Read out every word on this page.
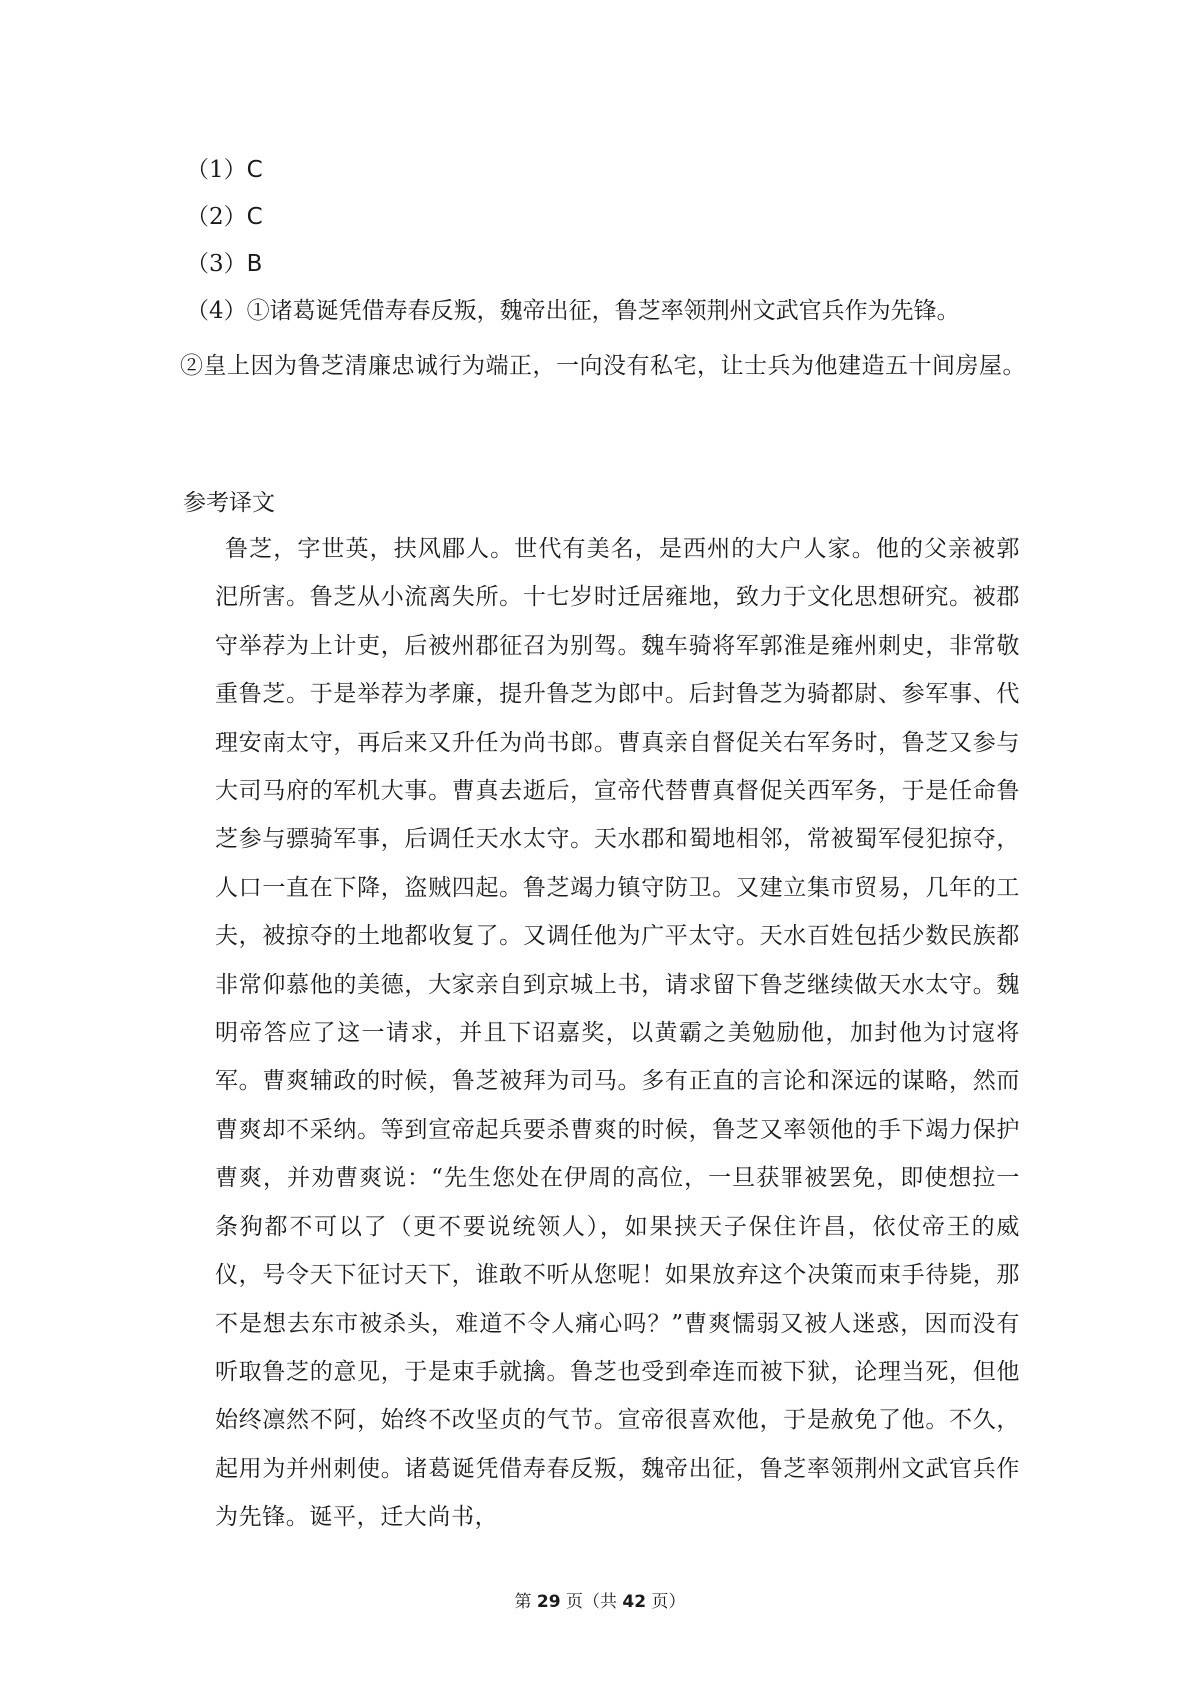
（1）C
（2）C
（3）B
（4）①诸葛诞凭借寿春反叛，魏帝出征，鲁芝率领荆州文武官兵作为先锋。
②皇上因为鲁芝清廉忠诚行为端正，一向没有私宅，让士兵为他建造五十间房屋。
参考译文
鲁芝，字世英，扶风郿人。世代有美名，是西州的大户人家。他的父亲被郭汜所害。鲁芝从小流离失所。十七岁时迁居雍地，致力于文化思想研究。被郡守举荐为上计吏，后被州郡征召为别驾。魏车骑将军郭淮是雍州刺史，非常敬重鲁芝。于是举荐为孝廉，提升鲁芝为郎中。后封鲁芝为骑都尉、参军事、代理安南太守，再后来又升任为尚书郎。曹真亲自督促关右军务时，鲁芝又参与大司马府的军机大事。曹真去逝后，宣帝代替曹真督促关西军务，于是任命鲁芝参与骠骑军事，后调任天水太守。天水郡和蜀地相邻，常被蜀军侵犯掠夺，人口一直在下降，盗贼四起。鲁芝竭力镇守防卫。又建立集市贸易，几年的工夫，被掠夺的土地都收复了。又调任他为广平太守。天水百姓包括少数民族都非常仰慕他的美德，大家亲自到京城上书，请求留下鲁芝继续做天水太守。魏明帝答应了这一请求，并且下诏嘉奖，以黄霸之美勉励他，加封他为讨寇将军。曹爽辅政的时候，鲁芝被拜为司马。多有正直的言论和深远的谋略，然而曹爽却不采纳。等到宣帝起兵要杀曹爽的时候，鲁芝又率领他的手下竭力保护曹爽，并劝曹爽说：“先生您处在伊周的高位，一旦获罪被罢免，即使想拉一条狗都不可以了（更不要说统领人），如果挟天子保住许昌，依仗帝王的威仪，号令天下征讨天下，谁敢不听从您呢！如果放弃这个决策而束手待毙，那不是想去东市被杀头，难道不令人痛心吗？”曹爽懦弱又被人迷惑，因而没有听取鲁芝的意见，于是束手就擒。鲁芝也受到牵连而被下狱，论理当死，但他始终凛然不阿，始终不改坚贞的气节。宣帝很喜欢他，于是赦免了他。不久，起用为并州刺使。诸葛诞凭借寿春反叛，魏帝出征，鲁芝率领荆州文武官兵作为先锋。诞平，迁大尚书，
第 29 页（共 42 页）
